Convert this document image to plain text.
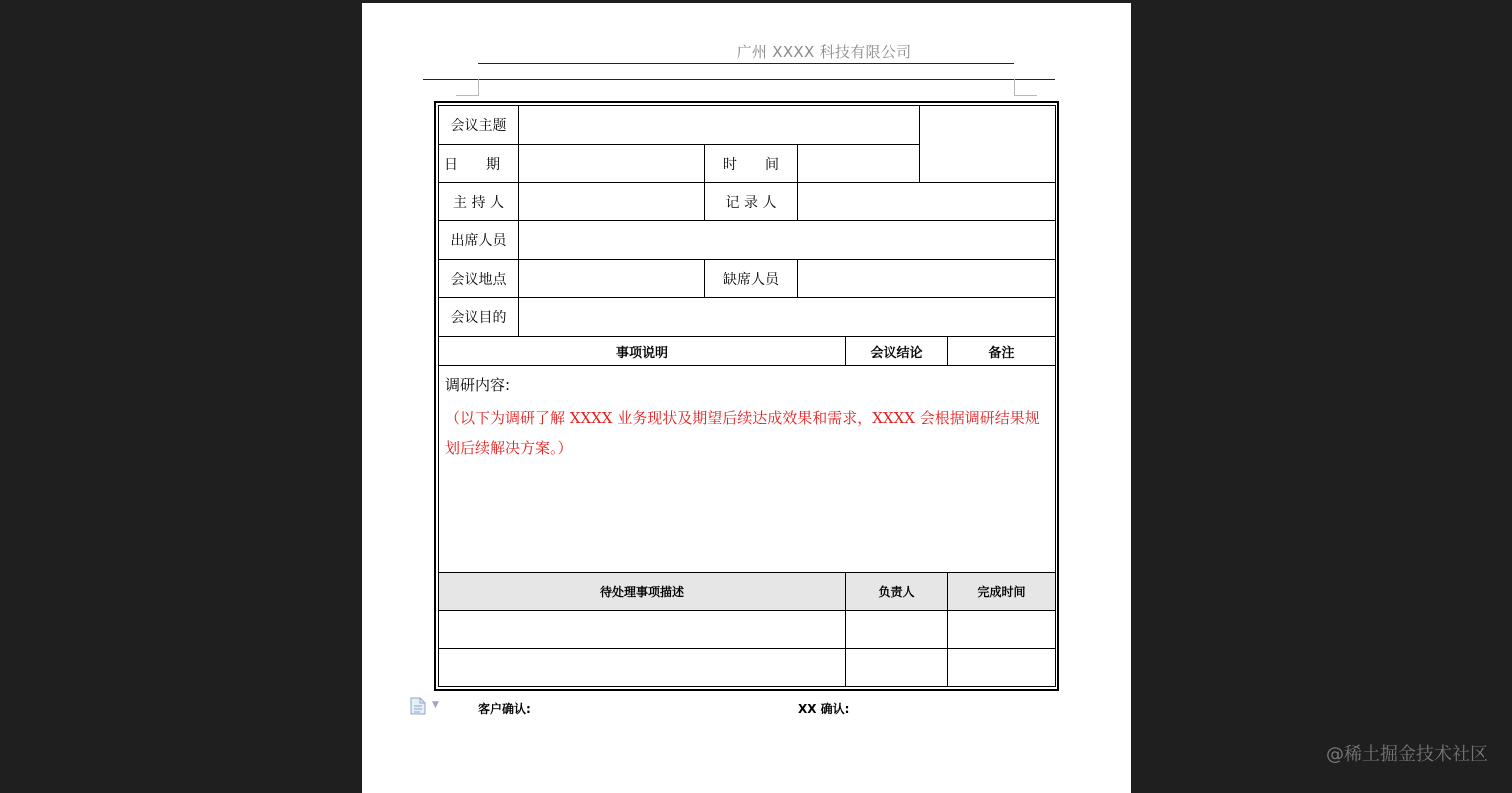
广州 XXXX 科技有限公司
会议主题						
日　　期		时　　间				
主 持 人		记 录 人				
出席人员						
会议地点		缺席人员				
会议目的						
事项说明				会议结论		备注

调研内容:
（以下为调研了解 XXXX 业务现状及期望后续达成效果和需求，XXXX 会根据调研结果规划后续解决方案。）						

待处理事项描述				负责人		完成时间

▼	客户确认:	XX 确认:
@稀土掘金技术社区
